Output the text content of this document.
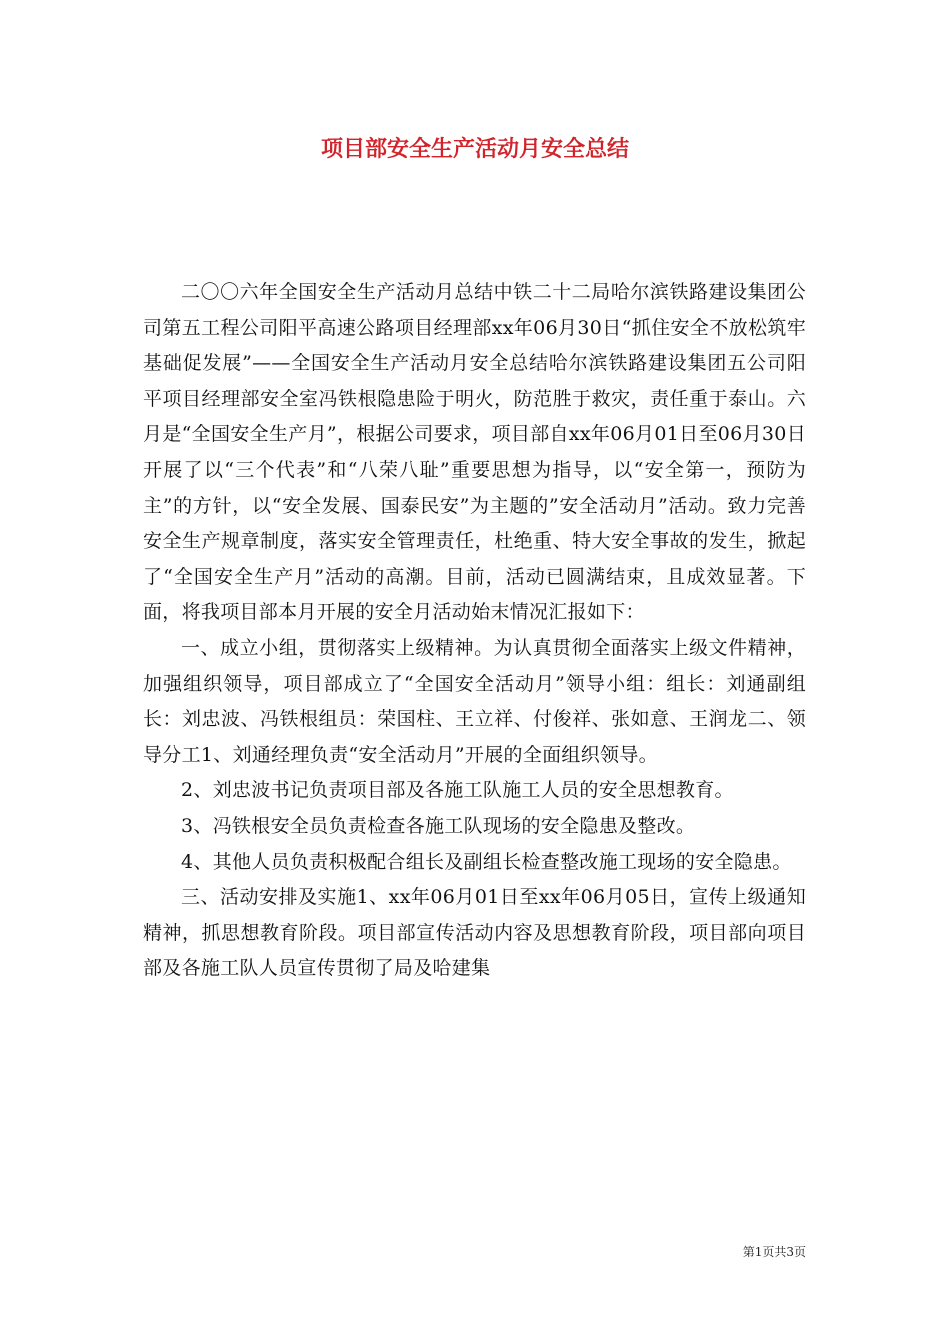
项目部安全生产活动月安全总结

二〇〇六年全国安全生产活动月总结中铁二十二局哈尔滨铁路建设集团公司第五工程公司阳平高速公路项目经理部xx年06月30日“抓住安全不放松筑牢基础促发展”——全国安全生产活动月安全总结哈尔滨铁路建设集团五公司阳平项目经理部安全室冯铁根隐患险于明火，防范胜于救灾，责任重于泰山。六月是“全国安全生产月”，根据公司要求，项目部自xx年06月01日至06月30日开展了以“三个代表”和“八荣八耻”重要思想为指导，以“安全第一，预防为主”的方针，以“安全发展、国泰民安”为主题的”安全活动月”活动。致力完善安全生产规章制度，落实安全管理责任，杜绝重、特大安全事故的发生，掀起了“全国安全生产月”活动的高潮。目前，活动已圆满结束，且成效显著。下面，将我项目部本月开展的安全月活动始末情况汇报如下：

一、成立小组，贯彻落实上级精神。为认真贯彻全面落实上级文件精神，加强组织领导，项目部成立了“全国安全活动月”领导小组：组长：刘通副组长：刘忠波、冯铁根组员：荣国柱、王立祥、付俊祥、张如意、王润龙二、领导分工1、刘通经理负责“安全活动月”开展的全面组织领导。

2、刘忠波书记负责项目部及各施工队施工人员的安全思想教育。

3、冯铁根安全员负责检查各施工队现场的安全隐患及整改。

4、其他人员负责积极配合组长及副组长检查整改施工现场的安全隐患。

三、活动安排及实施1、xx年06月01日至xx年06月05日，宣传上级通知精神，抓思想教育阶段。项目部宣传活动内容及思想教育阶段，项目部向项目部及各施工队人员宣传贯彻了局及哈建集

第1页共3页
